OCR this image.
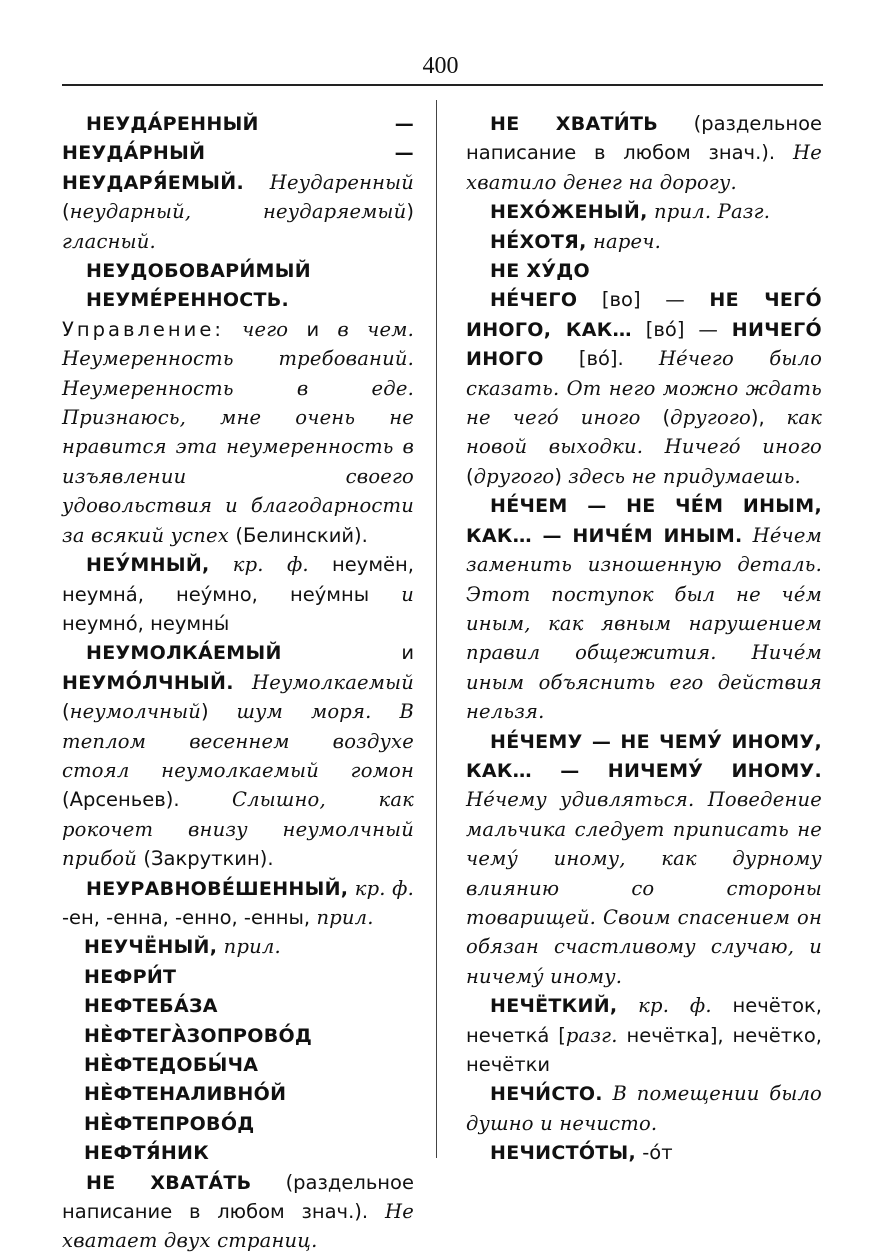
400

НЕУДА́РЕННЫЙ — НЕУДА́РНЫЙ — НЕУДАРЯ́ЕМЫЙ. Неударенный (неударный, неударяемый) гласный.

НЕУДОБОВАРИ́МЫЙ

НЕУМЕ́РЕННОСТЬ. Управление: чего и в чем. Неумеренность требований. Неумеренность в еде. Признаюсь, мне очень не нравится эта неумеренность в изъявлении своего удовольствия и благодарности за всякий успех (Белинский).

НЕУ́МНЫЙ, кр. ф. неумён, неумна́, неу́мно, неу́мны и неумно́, неумны́

НЕУМОЛКА́ЕМЫЙ и НЕУМО́ЛЧНЫЙ. Неумолкаемый (неумолчный) шум моря. В теплом весеннем воздухе стоял неумолкаемый гомон (Арсеньев). Слышно, как рокочет внизу неумолчный прибой (Закруткин).

НЕУРАВНОВЕ́ШЕННЫЙ, кр. ф. -ен, -енна, -енно, -енны, прил.

НЕУЧЁНЫЙ, прил.

НЕФРИ́Т

НЕФТЕБА́ЗА

НЀФТЕГА̀ЗОПРОВО́Д

НЀФТЕДОБЫ́ЧА

НЀФТЕНАЛИВНО́Й

НЀФТЕПРОВО́Д

НЕФТЯ́НИК

НЕ ХВАТА́ТЬ (раздельное написание в любом знач.). Не хватает двух страниц.

НЕ ХВАТИ́ТЬ (раздельное написание в любом знач.). Не хватило денег на дорогу.

НЕХО́ЖЕНЫЙ, прил. Разг.

НЕ́ХОТЯ, нареч.

НЕ ХУ́ДО

НЕ́ЧЕГО [во] — НЕ ЧЕГО́ ИНОГО, КАК… [во́] — НИЧЕГО́ ИНОГО [во́]. Не́чего было сказать. От него можно ждать не чего́ иного (другого), как новой выходки. Ничего́ иного (другого) здесь не придумаешь.

НЕ́ЧЕМ — НЕ ЧЕ́М ИНЫМ, КАК… — НИЧЕ́М ИНЫМ. Не́чем заменить изношенную деталь. Этот поступок был не че́м иным, как явным нарушением правил общежития. Ниче́м иным объяснить его действия нельзя.

НЕ́ЧЕМУ — НЕ ЧЕМУ́ ИНОМУ, КАК… — НИЧЕМУ́ ИНОМУ. Не́чему удивляться. Поведение мальчика следует приписать не чему́ иному, как дурному влиянию со стороны товарищей. Своим спасением он обязан счастливому случаю, и ничему́ иному.

НЕЧЁТКИЙ, кр. ф. нечёток, нечетка́ [разг. нечётка], нечётко, нечётки

НЕЧИ́СТО. В помещении было душно и нечисто.

НЕЧИСТО́ТЫ, -о́т
